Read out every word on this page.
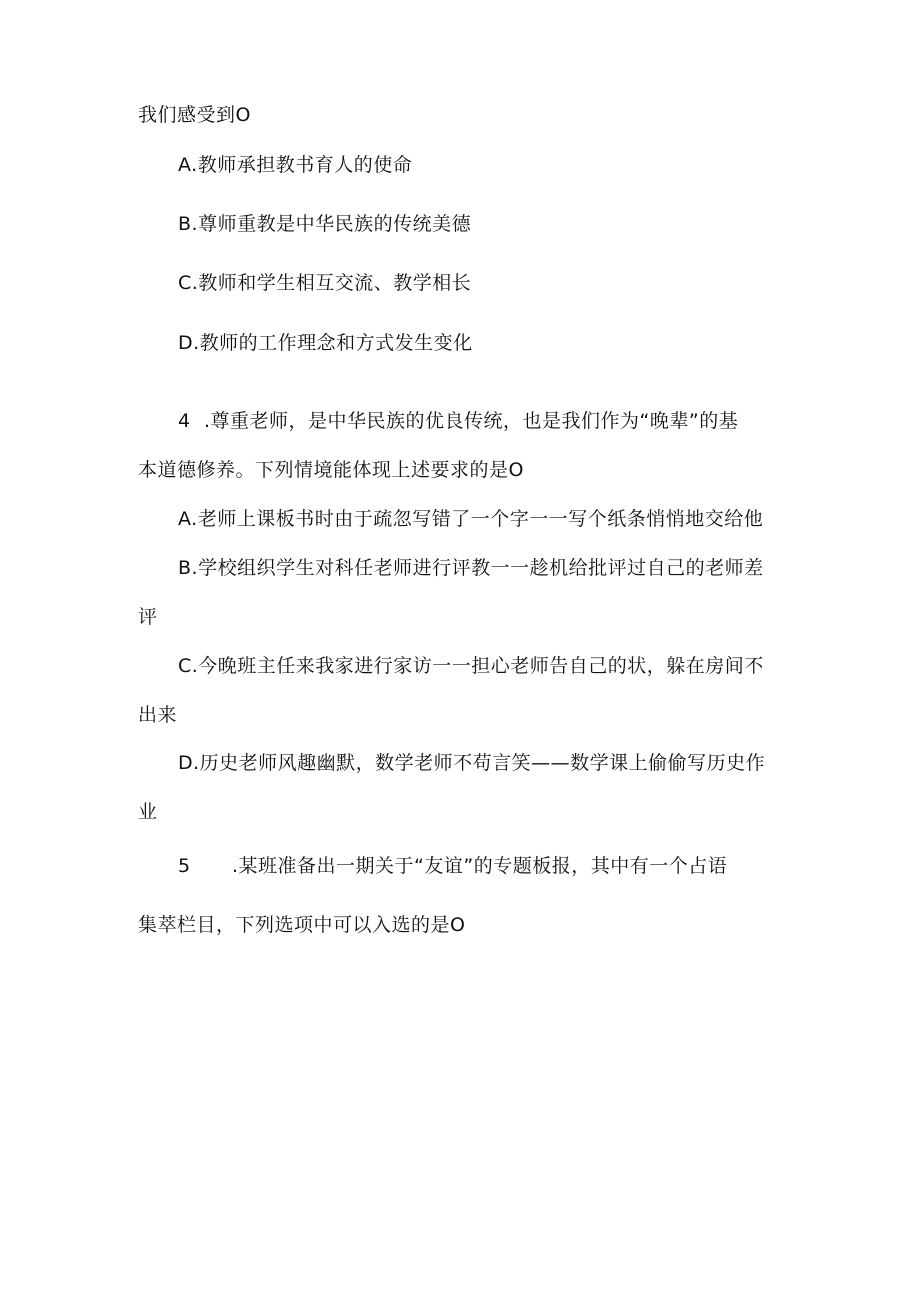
我们感受到O
A.教师承担教书育人的使命
B.尊师重教是中华民族的传统美德
C.教师和学生相互交流、教学相长
D.教师的工作理念和方式发生变化
4 .尊重老师，是中华民族的优良传统，也是我们作为“晚辈”的基
本道德修养。下列情境能体现上述要求的是O
A.老师上课板书时由于疏忽写错了一个字一一写个纸条悄悄地交给他
B.学校组织学生对科任老师进行评教一一趁机给批评过自己的老师差
评
C.今晚班主任来我家进行家访一一担心老师告自己的状，躲在房间不
出来
D.历史老师风趣幽默，数学老师不苟言笑——数学课上偷偷写历史作
业
5 .某班准备出一期关于“友谊”的专题板报，其中有一个占语
集萃栏目，下列选项中可以入选的是O
